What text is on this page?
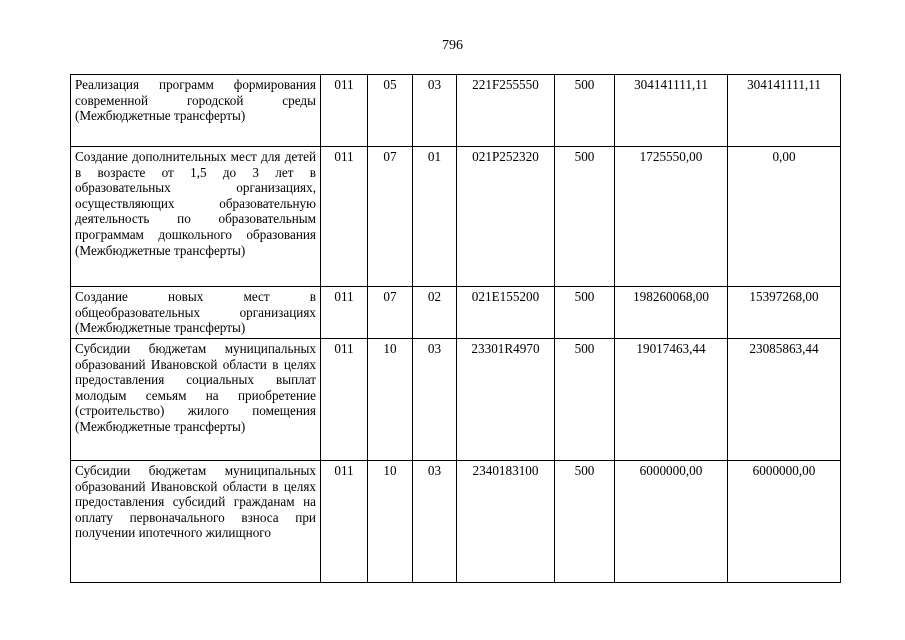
796
Реализация программ формирования современной городской среды (Межбюджетные трансферты)	011	05	03	221F255550	500	304141111,11	304141111,11
Создание дополнительных мест для детей в возрасте от 1,5 до 3 лет в образовательных организациях, осуществляющих образовательную деятельность по образовательным программам дошкольного образования (Межбюджетные трансферты)	011	07	01	021P252320	500	1725550,00	0,00
Создание новых мест в общеобразовательных организациях (Межбюджетные трансферты)	011	07	02	021E155200	500	198260068,00	15397268,00
Субсидии бюджетам муниципальных образований Ивановской области в целях предоставления социальных выплат молодым семьям на приобретение (строительство) жилого помещения (Межбюджетные трансферты)	011	10	03	23301R4970	500	19017463,44	23085863,44
Субсидии бюджетам муниципальных образований Ивановской области в целях предоставления субсидий гражданам на оплату первоначального взноса при получении ипотечного жилищного	011	10	03	2340183100	500	6000000,00	6000000,00
